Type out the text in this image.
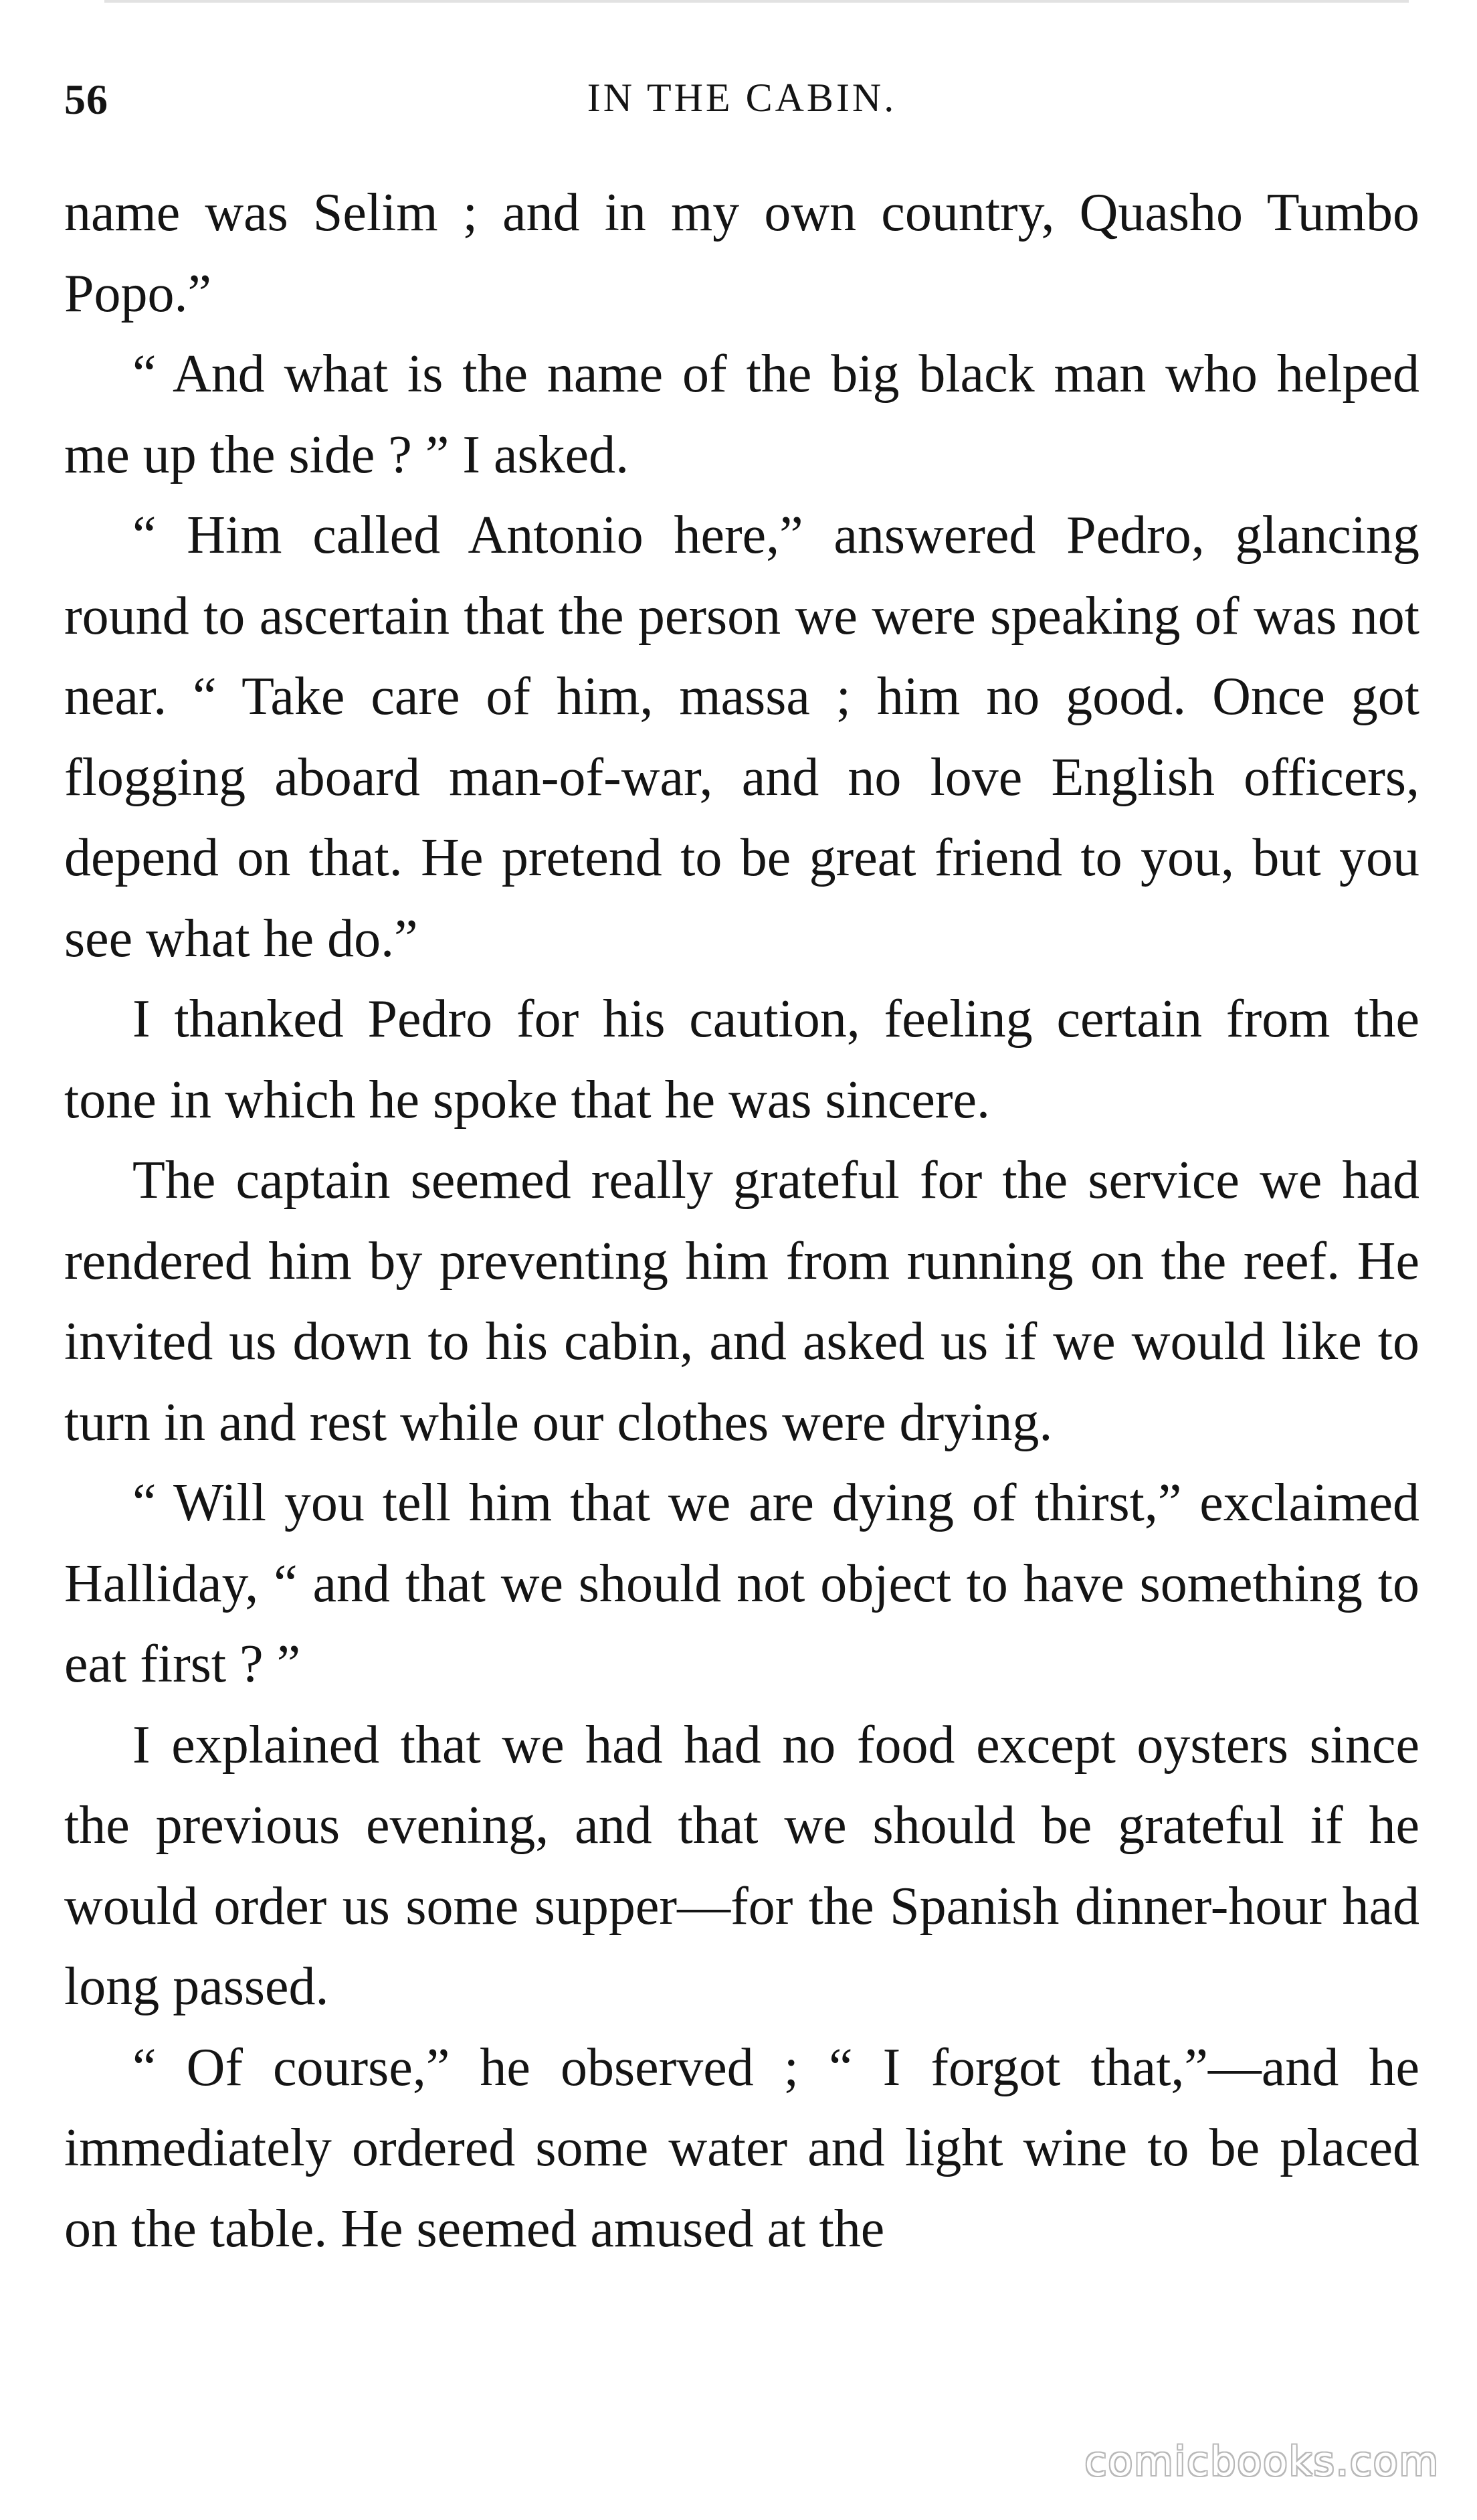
56	IN THE CABIN.

name was Selim ; and in my own country, Quasho Tumbo Popo.”

“ And what is the name of the big black man who helped me up the side ? ” I asked.

“ Him called Antonio here,” answered Pedro, glancing round to ascertain that the person we were speaking of was not near. “ Take care of him, massa ; him no good. Once got flogging aboard man-of-war, and no love English officers, depend on that. He pretend to be great friend to you, but you see what he do.”

I thanked Pedro for his caution, feeling certain from the tone in which he spoke that he was sincere.

The captain seemed really grateful for the service we had rendered him by preventing him from running on the reef. He invited us down to his cabin, and asked us if we would like to turn in and rest while our clothes were drying.

“ Will you tell him that we are dying of thirst,” exclaimed Halliday, “ and that we should not object to have something to eat first ? ”

I explained that we had had no food except oysters since the previous evening, and that we should be grateful if he would order us some supper—for the Spanish dinner-hour had long passed.

“ Of course,” he observed ; “ I forgot that,”—and he immediately ordered some water and light wine to be placed on the table. He seemed amused at the

comicbooks.com
